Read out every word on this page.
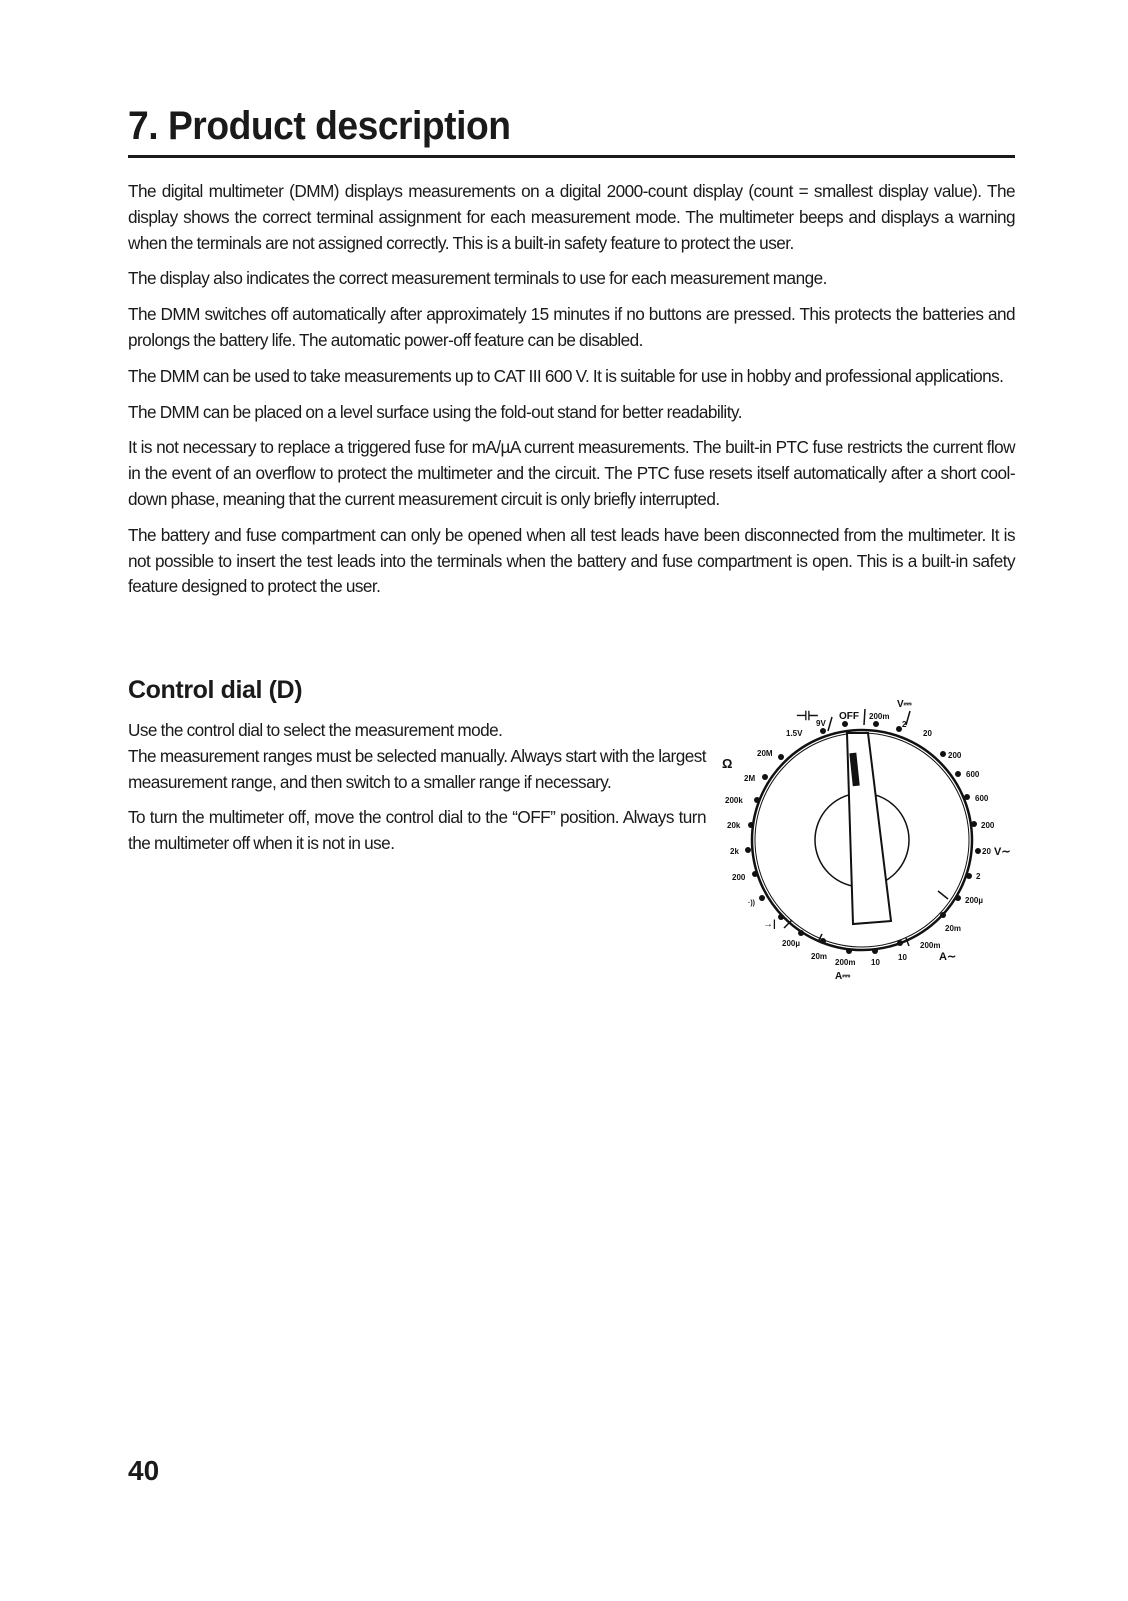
7. Product description

The digital multimeter (DMM) displays measurements on a digital 2000-count display (count = smallest display value). The display shows the correct terminal assignment for each measurement mode. The multimeter beeps and displays a warning when the terminals are not assigned correctly. This is a built-in safety feature to protect the user.

The display also indicates the correct measurement terminals to use for each measurement mange.

The DMM switches off automatically after approximately 15 minutes if no buttons are pressed. This protects the batteries and prolongs the battery life. The automatic power-off feature can be disabled.

The DMM can be used to take measurements up to CAT III 600 V. It is suitable for use in hobby and professional applications.

The DMM can be placed on a level surface using the fold-out stand for better readability.

It is not necessary to replace a triggered fuse for mA/µA current measurements. The built-in PTC fuse restricts the current flow in the event of an overflow to protect the multimeter and the circuit. The PTC fuse resets itself automatically after a short cool-down phase, meaning that the current measurement circuit is only briefly interrupted.

The battery and fuse compartment can only be opened when all test leads have been disconnected from the multimeter. It is not possible to insert the test leads into the terminals when the battery and fuse compartment is open. This is a built-in safety feature designed to protect the user.

Control dial (D)

Use the control dial to select the measurement mode.
The measurement ranges must be selected manually. Always start with the largest measurement range, and then switch to a smaller range if necessary.

To turn the multimeter off, move the control dial to the “OFF” position. Always turn the multimeter off when it is not in use.

⊣⊢
9V
1.5V
OFF
V⎓
200m
2
20
200
600
600
200
20 V∼
2
200µ
Ω
20M
2M
200k
20k
2k
200
·))
→|
200µ
20m
200m 10
A⎓
10
200m
20m
A∼
40
